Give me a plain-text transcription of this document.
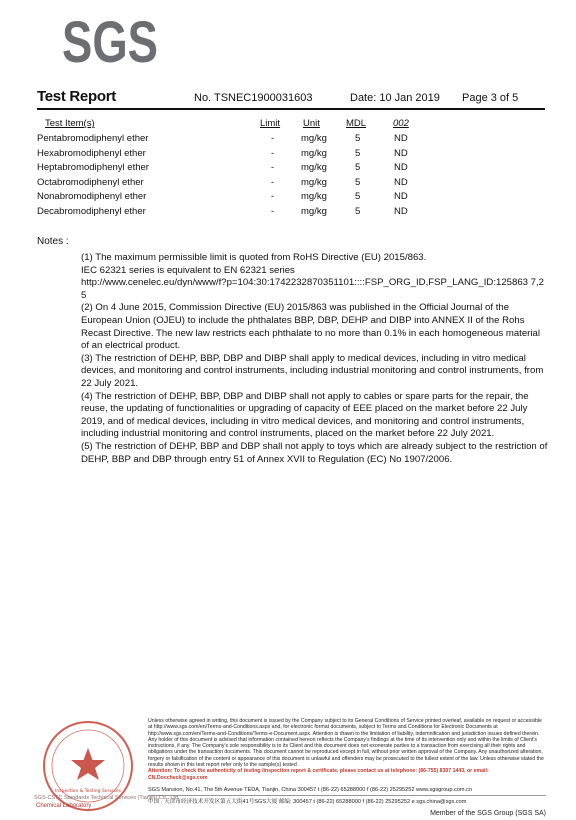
SGS
Test Report	No. TSNEC1900031603	Date: 10 Jan 2019 Page 3 of 5
Test Item(s)	Limit Unit	MDL	002
Pentabromodiphenyl ether	-	mg/kg	5	ND
Hexabromodiphenyl ether	-	mg/kg	5	ND
Heptabromodiphenyl ether	-	mg/kg	5	ND
Octabromodiphenyl ether	-	mg/kg	5	ND
Nonabromodiphenyl ether	-	mg/kg	5	ND
Decabromodiphenyl ether	-	mg/kg	5	ND
Notes :

(1) The maximum permissible limit is quoted from RoHS Directive (EU) 2015/863.

IEC 62321 series is equivalent to EN 62321 series

http://www.cenelec.eu/dyn/www/f?p=104:30:1742232870351101::::FSP_ORG_ID,FSP_LANG_ID:125863 7,25

(2) On 4 June 2015, Commission Directive (EU) 2015/863 was published in the Official Journal of the European Union (OJEU) to include the phthalates BBP, DBP, DEHP and DIBP into ANNEX II of the Rohs Recast Directive. The new law restricts each phthalate to no more than 0.1% in each homogeneous material of an electrical product.

(3) The restriction of DEHP, BBP, DBP and DIBP shall apply to medical devices, including in vitro medical devices, and monitoring and control instruments, including industrial monitoring and control instruments, from 22 July 2021.

(4) The restriction of DEHP, BBP, DBP and DIBP shall not apply to cables or spare parts for the repair, the reuse, the updating of functionalities or upgrading of capacity of EEE placed on the market before 22 July 2019, and of medical devices, including in vitro medical devices, and monitoring and control instruments, including industrial monitoring and control instruments, placed on the market before 22 July 2021.

(5) The restriction of DEHP, BBP and DBP shall not apply to toys which are already subject to the restriction of DEHP, BBP and DBP through entry 51 of Annex XVII to Regulation (EC) No 1907/2006.

Unless otherwise agreed in writing, this document is issued by the Company subject to its General Conditions of Service printed overleaf, available on request or accessible at http://www.sgs.com/en/Terms-and-Conditions.aspx and, for electronic format documents, subject to Terms and Conditions for Electronic Documents at http://www.sgs.com/en/Terms-and-Conditions/Terms-e-Document.aspx. Attention is drawn to the limitation of liability, indemnification and jurisdiction issues defined therein. Any holder of this document is advised that information contained hereon reflects the Company's findings at the time of its intervention only and within the limits of Client's instructions, if any. The Company's sole responsibility is to its Client and this document does not exonerate parties to a transaction from exercising all their rights and obligations under the transaction documents. This document cannot be reproduced except in full, without prior written approval of the Company. Any unauthorized alteration, forgery or falsification of the content or appearance of this document is unlawful and offenders may be prosecuted to the fullest extent of the law. Unless otherwise stated the results shown in this test report refer only to the sample(s) tested .
Attention: To check the authenticity of testing /inspection report & certificate, please contact us at telephone: (86-755) 8307 1443, or email: CN.Doccheck@sgs.com
SGS Mansion, No.41, The 5th Avenue TEDA, Tianjin, China 300457 t (86-22) 65288000 f (86-22) 25295252 www.sgsgroup.com.cn
中国 · 天津市经济技术开发区第五大街41号SGS大厦 邮编: 300457 t (86-22) 65288000 f (86-22) 25295252 e sgs.china@sgs.com
Member of the SGS Group (SGS SA)
Inspection & Testing Services
SGS-CSTC Standards Technical Services (Tianjin) Co., Ltd.
Chemical Laboratory
